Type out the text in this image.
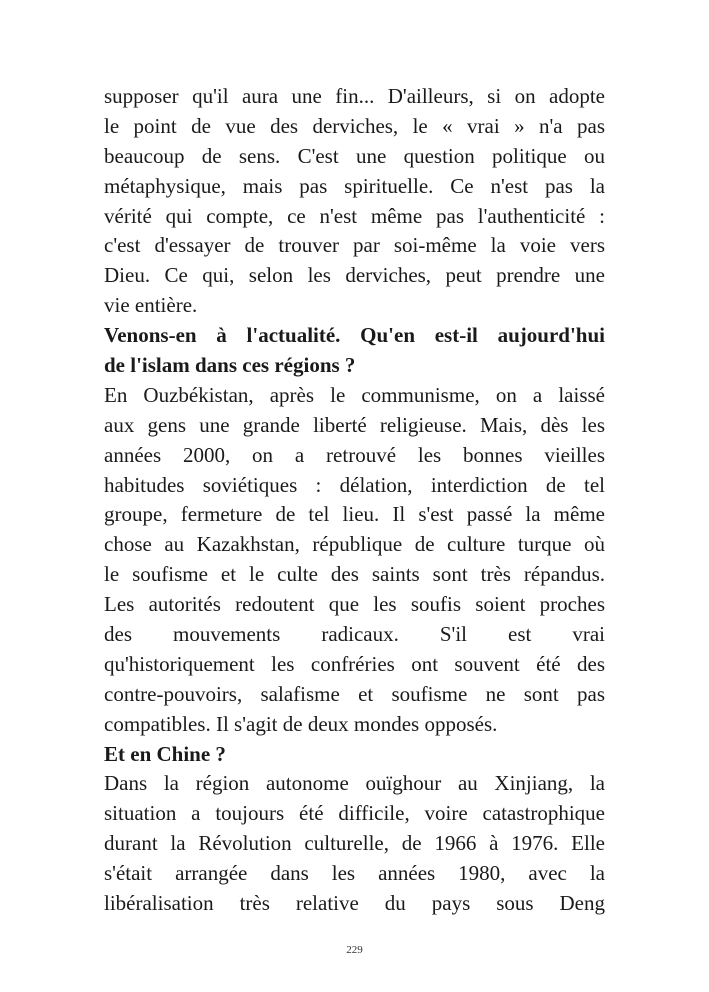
supposer qu'il aura une fin... D'ailleurs, si on adopte
le point de vue des derviches, le « vrai » n'a pas
beaucoup de sens. C'est une question politique ou
métaphysique, mais pas spirituelle. Ce n'est pas la
vérité qui compte, ce n'est même pas l'authenticité :
c'est d'essayer de trouver par soi-même la voie vers
Dieu. Ce qui, selon les derviches, peut prendre une
vie entière.
Venons-en à l'actualité. Qu'en est-il aujourd'hui
de l'islam dans ces régions ?
En Ouzbékistan, après le communisme, on a laissé
aux gens une grande liberté religieuse. Mais, dès les
années 2000, on a retrouvé les bonnes vieilles
habitudes soviétiques : délation, interdiction de tel
groupe, fermeture de tel lieu. Il s'est passé la même
chose au Kazakhstan, république de culture turque où
le soufisme et le culte des saints sont très répandus.
Les autorités redoutent que les soufis soient proches
des mouvements radicaux. S'il est vrai
qu'historiquement les confréries ont souvent été des
contre-pouvoirs, salafisme et soufisme ne sont pas
compatibles. Il s'agit de deux mondes opposés.
Et en Chine ?
Dans la région autonome ouïghour au Xinjiang, la
situation a toujours été difficile, voire catastrophique
durant la Révolution culturelle, de 1966 à 1976. Elle
s'était arrangée dans les années 1980, avec la
libéralisation très relative du pays sous Deng
229
